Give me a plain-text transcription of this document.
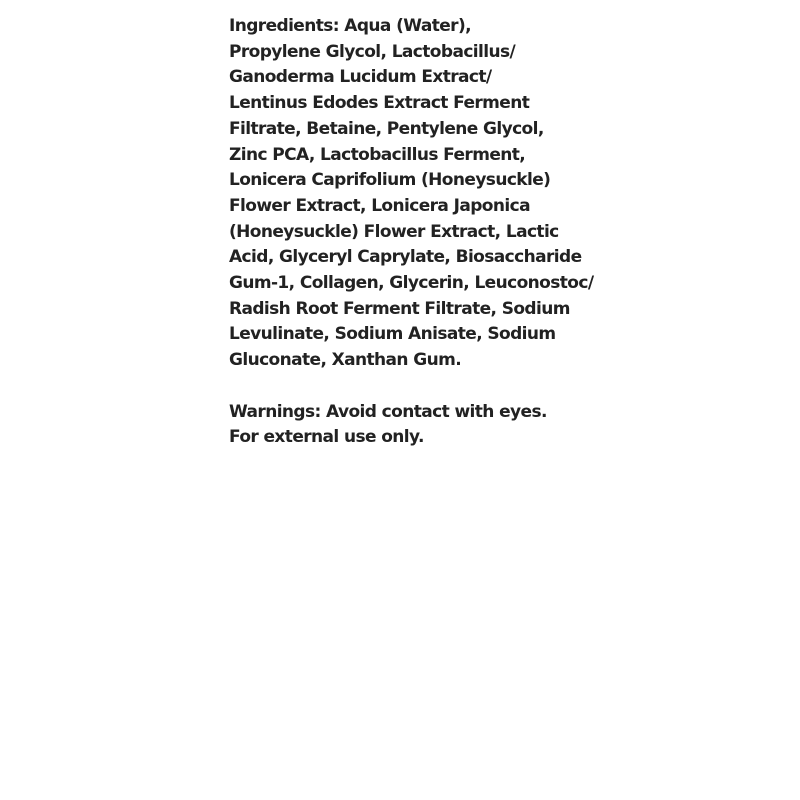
Ingredients: Aqua (Water),
Propylene Glycol, Lactobacillus/
Ganoderma Lucidum Extract/
Lentinus Edodes Extract Ferment
Filtrate, Betaine, Pentylene Glycol,
Zinc PCA, Lactobacillus Ferment,
Lonicera Caprifolium (Honeysuckle)
Flower Extract, Lonicera Japonica
(Honeysuckle) Flower Extract, Lactic
Acid, Glyceryl Caprylate, Biosaccharide
Gum-1, Collagen, Glycerin, Leuconostoc/
Radish Root Ferment Filtrate, Sodium
Levulinate, Sodium Anisate, Sodium
Gluconate, Xanthan Gum.
Warnings: Avoid contact with eyes.
For external use only.
